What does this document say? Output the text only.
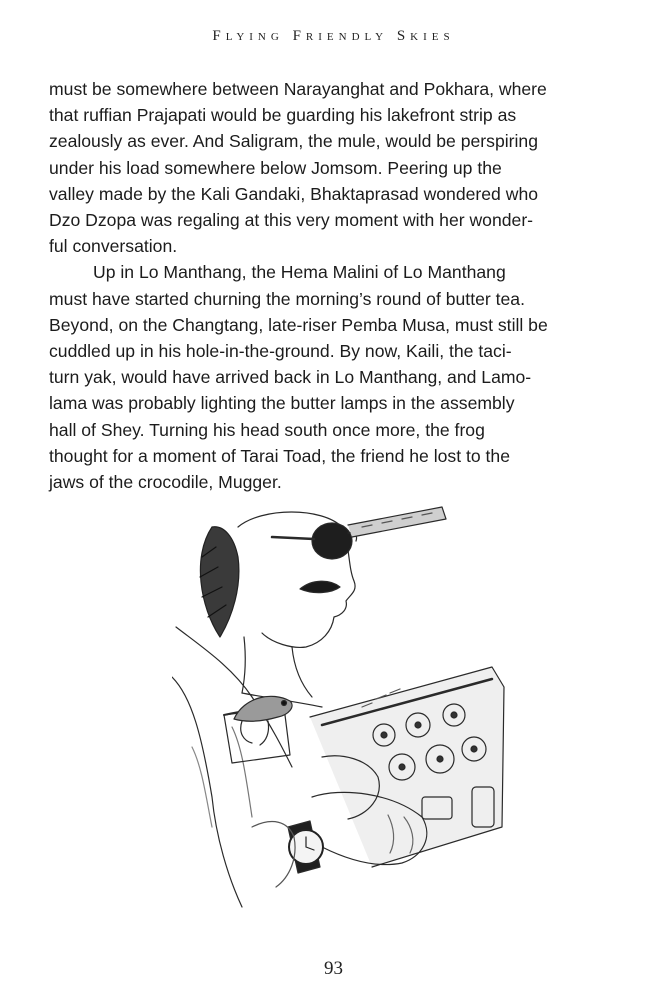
Flying Friendly Skies

must be somewhere between Narayanghat and Pokhara, where
that ruffian Prajapati would be guarding his lakefront strip as
zealously as ever. And Saligram, the mule, would be perspiring
under his load somewhere below Jomsom. Peering up the
valley made by the Kali Gandaki, Bhaktaprasad wondered who
Dzo Dzopa was regaling at this very moment with her wonder-
ful conversation.

Up in Lo Manthang, the Hema Malini of Lo Manthang
must have started churning the morning’s round of butter tea.
Beyond, on the Changtang, late-riser Pemba Musa, must still be
cuddled up in his hole-in-the-ground. By now, Kaili, the taci-
turn yak, would have arrived back in Lo Manthang, and Lamo-
lama was probably lighting the butter lamps in the assembly
hall of Shey. Turning his head south once more, the frog
thought for a moment of Tarai Toad, the friend he lost to the
jaws of the crocodile, Mugger.

93
